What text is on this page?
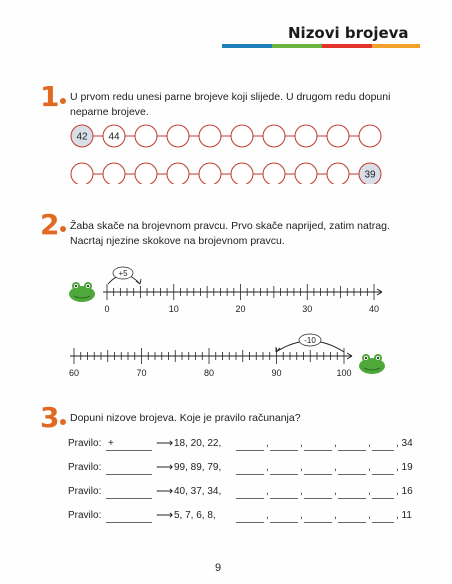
Nizovi brojeva
1 U prvom redu unesi parne brojeve koji slijede. U drugom redu dopuni
neparne brojeve.
42 44
39
2 Žaba skače na brojevnom pravcu. Prvo skače naprijed, zatim natrag.
Nacrtaj njezine skokove na brojevnom pravcu.
0	10	20	30	40
+5
60	70	80	90	100
-10
3 Dopuni nizove brojeva. Koje je pravilo računanja?
Pravilo: +	⟶ 18, 20, 22,	,	,	,	,	, 34
Pravilo:	⟶ 99, 89, 79,	,	,	,	,	, 19
Pravilo:	⟶ 40, 37, 34,	,	,	,	,	, 16
Pravilo:	⟶ 5, 7, 6, 8,	,	,	,	,	, 11
9
